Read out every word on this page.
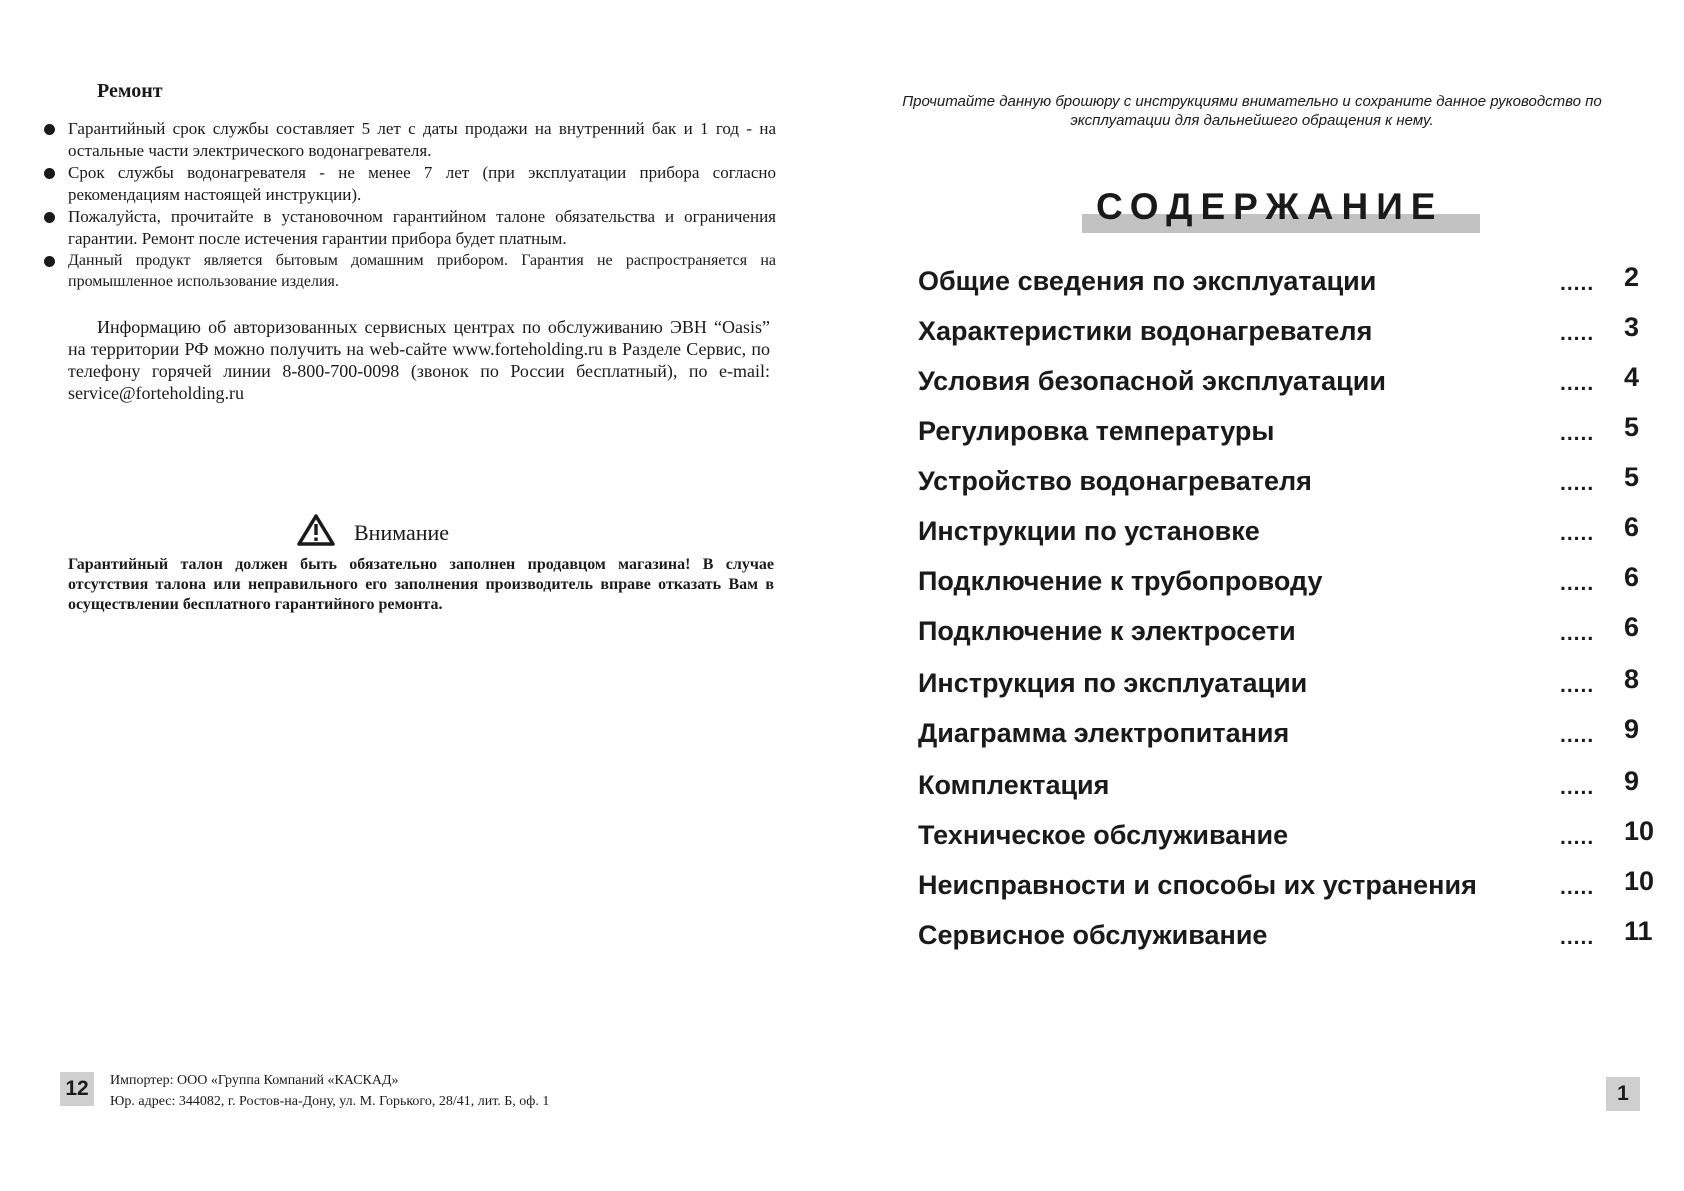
Ремонт
Гарантийный срок службы составляет 5 лет с даты продажи на внутренний бак и 1 год - на остальные части электрического водонагревателя.
Срок службы водонагревателя - не менее 7 лет (при эксплуатации прибора согласно рекомендациям настоящей инструкции).
Пожалуйста, прочитайте в установочном гарантийном талоне обязательства и ограничения гарантии. Ремонт после истечения гарантии прибора будет платным.
Данный продукт является бытовым домашним прибором. Гарантия не распространяется на промышленное использование изделия.

Информацию об авторизованных сервисных центрах по обслуживанию ЭВН “Oasis” на территории РФ можно получить на web-сайте www.forteholding.ru в Разделе Сервис, по телефону горячей линии 8-800-700-0098 (звонок по России бесплатный), по e-mail: service@forteholding.ru

Внимание

Гарантийный талон должен быть обязательно заполнен продавцом магазина! В случае отсутствия талона или неправильного его заполнения производитель вправе отказать Вам в осуществлении бесплатного гарантийного ремонта.

12	Импортер: ООО «Группа Компаний «КАСКАД»
Юр. адрес: 344082, г. Ростов-на-Дону, ул. М. Горького, 28/41, лит. Б, оф. 1
Прочитайте данную брошюру с инструкциями внимательно и сохраните данное руководство по эксплуатации для дальнейшего обращения к нему.
СОДЕРЖАНИЕ
Общие сведения по эксплуатации	..... 2
Характеристики водонагревателя	..... 3
Условия безопасной эксплуатации	..... 4
Регулировка температуры	..... 5
Устройство водонагревателя	..... 5
Инструкции по установке	..... 6
Подключение к трубопроводу	..... 6
Подключение к электросети	..... 6
Инструкция по эксплуатации	..... 8
Диаграмма электропитания	..... 9
Комплектация	..... 9
Техническое обслуживание	..... 10
Неисправности и способы их устранения	..... 10
Сервисное обслуживание	..... 11
1
